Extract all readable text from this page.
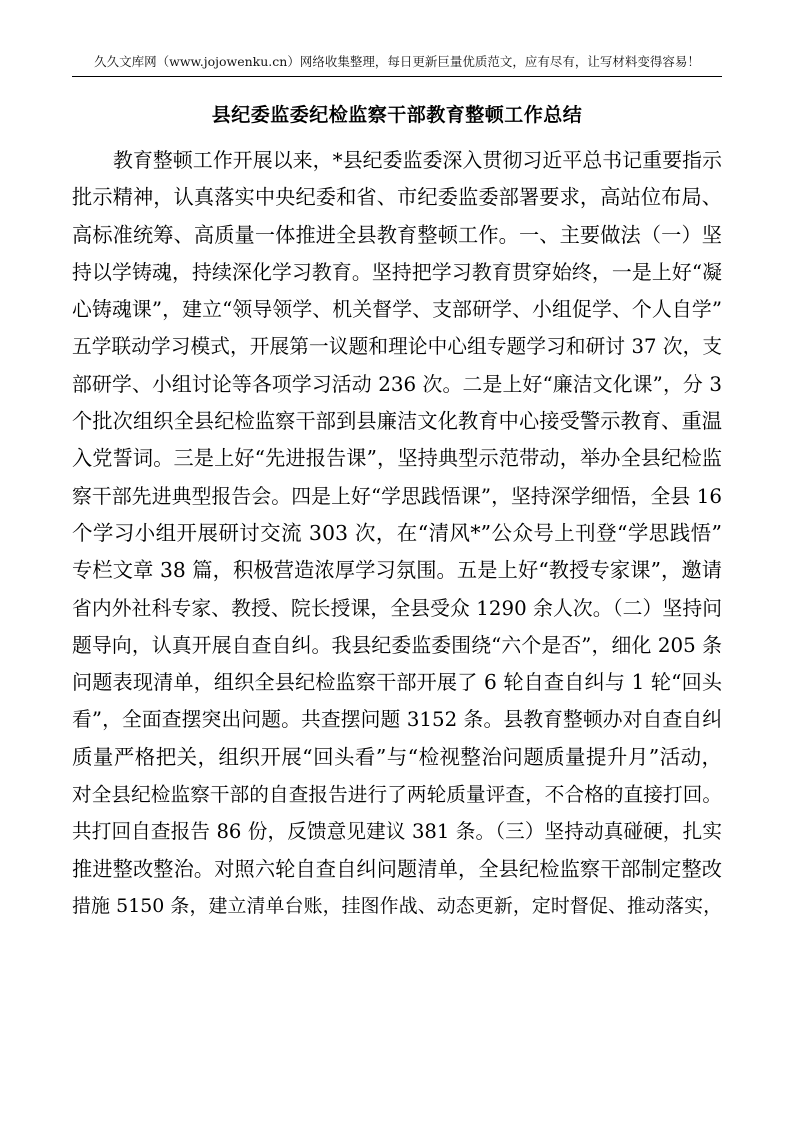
久久文库网（www.jojowenku.cn）网络收集整理，每日更新巨量优质范文，应有尽有，让写材料变得容易！
县纪委监委纪检监察干部教育整顿工作总结
教育整顿工作开展以来，*县纪委监委深入贯彻习近平总书记重要指示
批示精神，认真落实中央纪委和省、市纪委监委部署要求，高站位布局、
高标准统筹、高质量一体推进全县教育整顿工作。一、主要做法（一）坚
持以学铸魂，持续深化学习教育。坚持把学习教育贯穿始终，一是上好“凝
心铸魂课”，建立“领导领学、机关督学、支部研学、小组促学、个人自学”
五学联动学习模式，开展第一议题和理论中心组专题学习和研讨 37 次，支
部研学、小组讨论等各项学习活动 236 次。二是上好“廉洁文化课”，分 3
个批次组织全县纪检监察干部到县廉洁文化教育中心接受警示教育、重温
入党誓词。三是上好“先进报告课”，坚持典型示范带动，举办全县纪检监
察干部先进典型报告会。四是上好“学思践悟课”，坚持深学细悟，全县 16
个学习小组开展研讨交流 303 次，在“清风*”公众号上刊登“学思践悟”
专栏文章 38 篇，积极营造浓厚学习氛围。五是上好“教授专家课”，邀请
省内外社科专家、教授、院长授课，全县受众 1290 余人次。（二）坚持问
题导向，认真开展自查自纠。我县纪委监委围绕“六个是否”，细化 205 条
问题表现清单，组织全县纪检监察干部开展了 6 轮自查自纠与 1 轮“回头
看”，全面查摆突出问题。共查摆问题 3152 条。县教育整顿办对自查自纠
质量严格把关，组织开展“回头看”与“检视整治问题质量提升月”活动，
对全县纪检监察干部的自查报告进行了两轮质量评查，不合格的直接打回。
共打回自查报告 86 份，反馈意见建议 381 条。（三）坚持动真碰硬，扎实
推进整改整治。对照六轮自查自纠问题清单，全县纪检监察干部制定整改
措施 5150 条，建立清单台账，挂图作战、动态更新，定时督促、推动落实，
